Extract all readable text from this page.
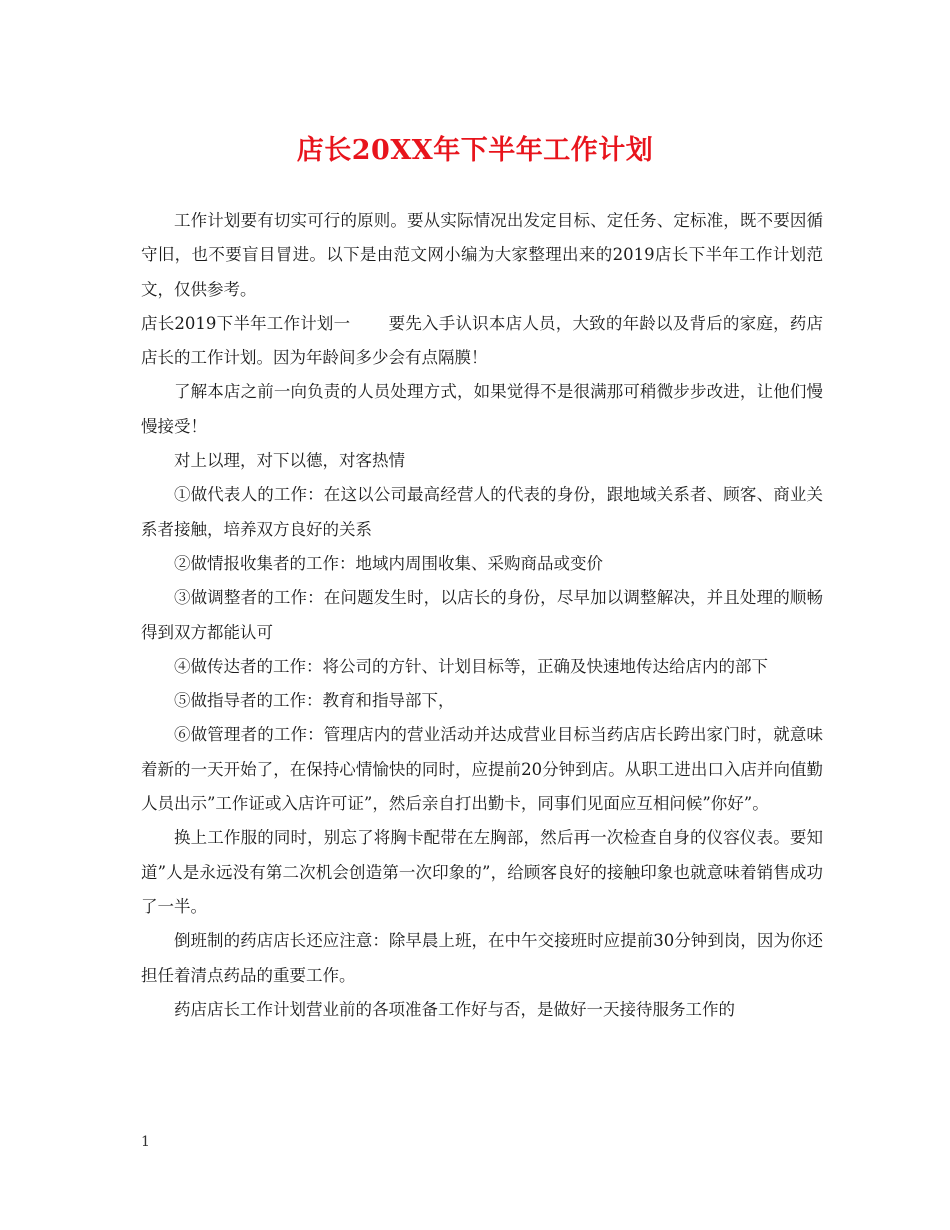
店长20XX年下半年工作计划

工作计划要有切实可行的原则。要从实际情况出发定目标、定任务、定标准，既不要因循守旧，也不要盲目冒进。以下是由范文网小编为大家整理出来的2019店长下半年工作计划范文，仅供参考。

店长2019下半年工作计划一 要先入手认识本店人员，大致的年龄以及背后的家庭，药店店长的工作计划。因为年龄间多少会有点隔膜！

了解本店之前一向负责的人员处理方式，如果觉得不是很满那可稍微步步改进，让他们慢慢接受！

对上以理，对下以德，对客热情

①做代表人的工作：在这以公司最高经营人的代表的身份，跟地域关系者、顾客、商业关系者接触，培养双方良好的关系

②做情报收集者的工作：地域内周围收集、采购商品或变价

③做调整者的工作：在问题发生时，以店长的身份，尽早加以调整解决，并且处理的顺畅得到双方都能认可

④做传达者的工作：将公司的方针、计划目标等，正确及快速地传达给店内的部下

⑤做指导者的工作：教育和指导部下，

⑥做管理者的工作：管理店内的营业活动并达成营业目标当药店店长跨出家门时，就意味着新的一天开始了，在保持心情愉快的同时，应提前20分钟到店。从职工进出口入店并向值勤人员出示”工作证或入店许可证”，然后亲自打出勤卡，同事们见面应互相问候”你好”。

换上工作服的同时，别忘了将胸卡配带在左胸部，然后再一次检查自身的仪容仪表。要知道”人是永远没有第二次机会创造第一次印象的”，给顾客良好的接触印象也就意味着销售成功了一半。

倒班制的药店店长还应注意：除早晨上班，在中午交接班时应提前30分钟到岗，因为你还担任着清点药品的重要工作。

药店店长工作计划营业前的各项准备工作好与否，是做好一天接待服务工作的

1
